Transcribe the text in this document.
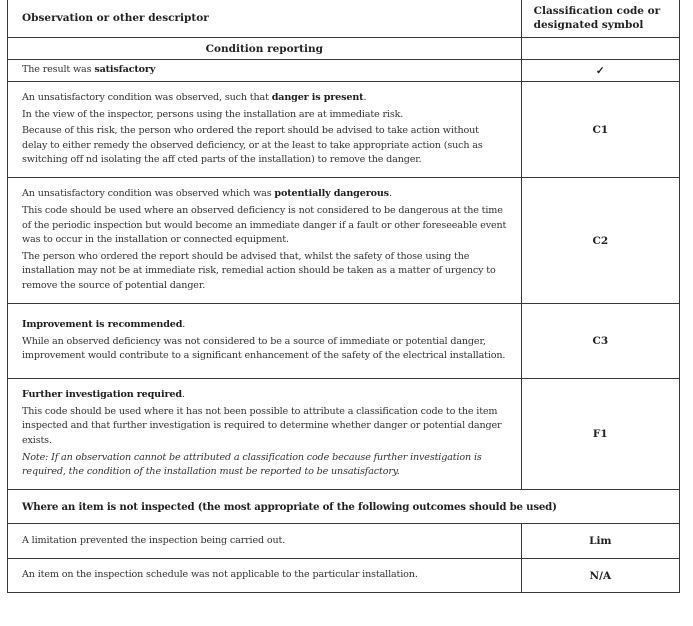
Observation or other descriptor	Classification code or designated symbol
Condition reporting	

The result was satisfactory	✓

An unsatisfactory condition was observed, such that danger is present.

In the view of the inspector, persons using the installation are at immediate risk.

Because of this risk, the person who ordered the report should be advised to take action without delay to either remedy the observed deficiency, or at the least to take appropriate action (such as switching off nd isolating the aff cted parts of the installation) to remove the danger.	C1

An unsatisfactory condition was observed which was potentially dangerous.

This code should be used where an observed deficiency is not considered to be dangerous at the time of the periodic inspection but would become an immediate danger if a fault or other foreseeable event was to occur in the installation or connected equipment.

The person who ordered the report should be advised that, whilst the safety of those using the installation may not be at immediate risk, remedial action should be taken as a matter of urgency to remove the source of potential danger.	C2

Improvement is recommended.

While an observed deficiency was not considered to be a source of immediate or potential danger, improvement would contribute to a significant enhancement of the safety of the electrical installation.	C3

Further investigation required.

This code should be used where it has not been possible to attribute a classification code to the item inspected and that further investigation is required to determine whether danger or potential danger exists.

Note: If an observation cannot be attributed a classification code because further investigation is required, the condition of the installation must be reported to be unsatisfactory.	F1
Where an item is not inspected (the most appropriate of the following outcomes should be used)	

A limitation prevented the inspection being carried out.	Lim

An item on the inspection schedule was not applicable to the particular installation.	N/A
